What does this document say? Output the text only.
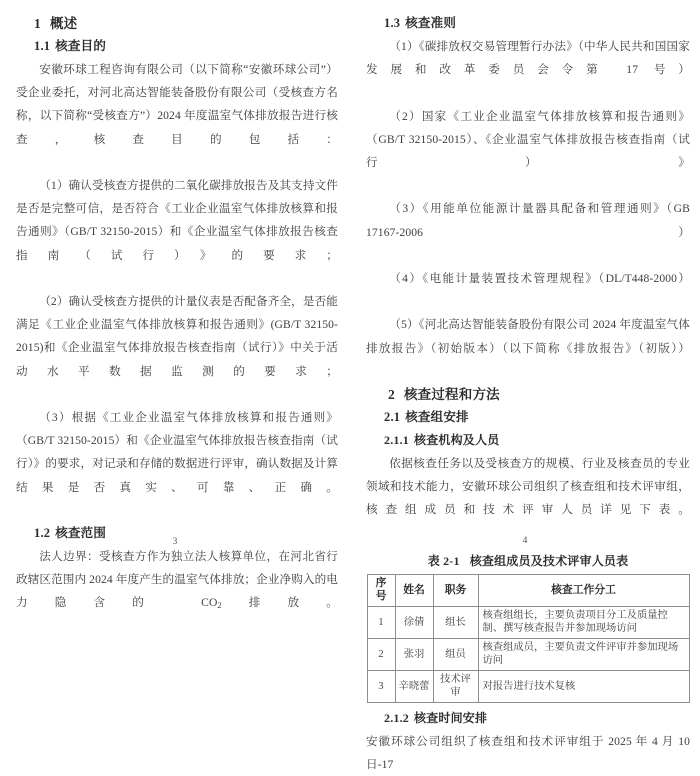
1 概述
1.1 核查目的

安徽环球工程咨询有限公司（以下简称“安徽环球公司”）受企业委托，对河北高达智能装备股份有限公司（受核查方名称，以下简称“受核查方”）2024 年度温室气体排放报告进行核查，核查目的包括：

（1）确认受核查方提供的二氧化碳排放报告及其支持文件是否是完整可信，是否符合《工业企业温室气体排放核算和报告通则》（GB/T 32150-2015）和《企业温室气体排放报告核查指南（试行）》的要求；

（2）确认受核查方提供的计量仪表是否配备齐全，是否能满足《工业企业温室气体排放核算和报告通则》(GB/T 32150-2015)和《企业温室气体排放报告核查指南（试行）》中关于活动水平数据监测的要求；

（3）根据《工业企业温室气体排放核算和报告通则》（GB/T 32150-2015）和《企业温室气体排放报告核查指南（试行）》的要求，对记录和存储的数据进行评审，确认数据及计算结果是否真实、可靠、正确。

1.2 核查范围

法人边界：受核查方作为独立法人核算单位，在河北省行政辖区范围内 2024 年度产生的温室气体排放；企业净购入的电力隐含的 $CO_2$排放。

3
1.3 核查准则

（1）《碳排放权交易管理暂行办法》（中华人民共和国国家发展和改革委员会令第 17 号）

（2）国家《工业企业温室气体排放核算和报告通则》（GB/T 32150-2015）、《企业温室气体排放报告核查指南（试行）》

（3）《用能单位能源计量器具配备和管理通则》（GB 17167-2006）

（4）《电能计量装置技术管理规程》（DL/T448-2000）

（5）《河北高达智能装备股份有限公司 2024 年度温室气体排放报告》（初始版本）（以下简称《排放报告》（初版））

2 核查过程和方法
2.1 核查组安排
2.1.1 核查机构及人员

依据核查任务以及受核查方的规模、行业及核查员的专业领域和技术能力，安徽环球公司组织了核查组和技术评审组，核查组成员和技术评审人员详见下表。

表 2-1 核查组成员及技术评审人员表
序号	姓名	职务	核查工作分工
1	徐倩	组长	核查组组长，主要负责项目分工及质量控制、撰写核查报告并参加现场访问
2	张羽	组员	核查组成员，主要负责文件评审并参加现场访问
3	辛晓蕾	技术评审	对报告进行技术复核
2.1.2 核查时间安排

安徽环球公司组织了核查组和技术评审组于 2025 年 4 月 10 日-17

4
